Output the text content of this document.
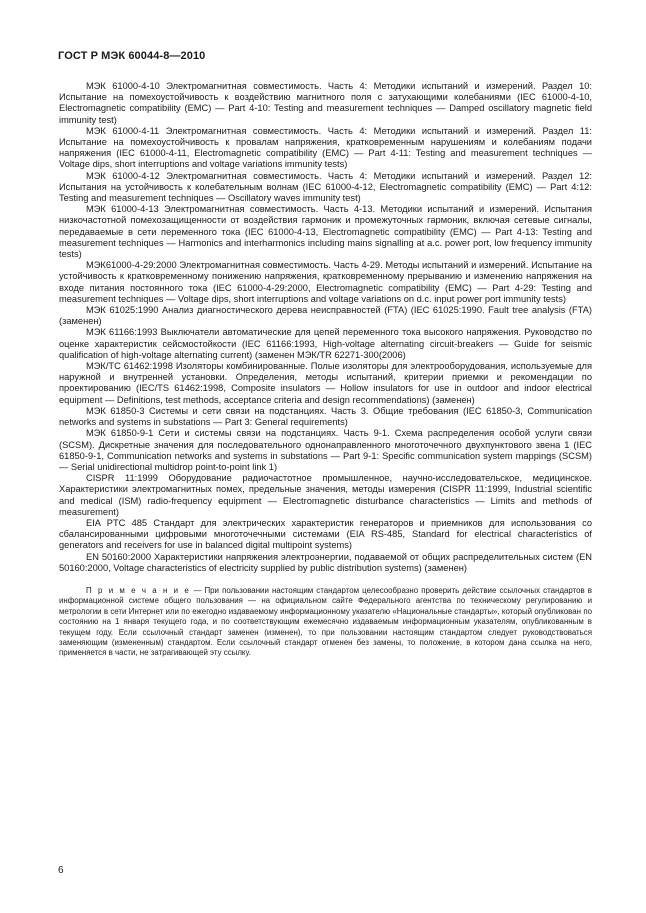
ГОСТ Р МЭК 60044-8—2010

МЭК 61000-4-10 Электромагнитная совместимость. Часть 4: Методики испытаний и измерений. Раздел 10: Испытание на помехоустойчивость к воздействию магнитного поля с затухающими колебаниями (IEC 61000-4-10, Electromagnetic compatibility (EMC) — Part 4-10: Testing and measurement techniques — Damped oscillatory magnetic field immunity test)

МЭК 61000-4-11 Электромагнитная совместимость. Часть 4: Методики испытаний и измерений. Раздел 11: Испытание на помехоустойчивость к провалам напряжения, кратковременным нарушениям и колебаниям подачи напряжения (IEC 61000-4-11, Electromagnetic compatibility (EMC) — Part 4-11: Testing and measurement techniques — Voltage dips, short interruptions and voltage variations immunity tests)

МЭК 61000-4-12 Электромагнитная совместимость. Часть 4: Методики испытаний и измерений. Раздел 12: Испытания на устойчивость к колебательным волнам (IEC 61000-4-12, Electromagnetic compatibility (EMC) — Part 4:12: Testing and measurement techniques — Oscillatory waves immunity test)

МЭК 61000-4-13 Электромагнитная совместимость. Часть 4-13. Методики испытаний и измерений. Испытания низкочастотной помехозащищенности от воздействия гармоник и промежуточных гармоник, включая сетевые сигналы, передаваемые в сети переменного тока (IEC 61000-4-13, Electromagnetic compatibility (EMC) — Part 4-13: Testing and measurement techniques — Harmonics and interharmonics including mains signalling at a.c. power port, low frequency immunity tests)

МЭК61000-4-29:2000 Электромагнитная совместимость. Часть 4-29. Методы испытаний и измерений. Испытание на устойчивость к кратковременному понижению напряжения, кратковременному прерыванию и изменению напряжения на входе питания постоянного тока (IEC 61000-4-29:2000, Electromagnetic compatibility (EMC) — Part 4-29: Testing and measurement techniques — Voltage dips, short interruptions and voltage variations on d.c. input power port immunity tests)

МЭК 61025:1990 Анализ диагностического дерева неисправностей (FTA) (IEC 61025:1990. Fault tree analysis (FTA) (заменен)

МЭК 61166:1993 Выключатели автоматические для цепей переменного тока высокого напряжения. Руководство по оценке характеристик сейсмостойкости (IEC 61166:1993, High-voltage alternating circuit-breakers — Guide for seismic qualification of high-voltage alternating current) (заменен МЭК/TR 62271-300(2006)

МЭК/ТС 61462:1998 Изоляторы комбинированные. Полые изоляторы для электрооборудования, используемые для наружной и внутренней установки. Определения, методы испытаний, критерии приемки и рекомендации по проектированию (IEC/TS 61462:1998, Composite insulators — Hollow insulators for use in outdoor and indoor electrical equipment — Definitions, test methods, acceptance criteria and design recommendations) (заменен)

МЭК 61850-3 Системы и сети связи на подстанциях. Часть 3. Общие требования (IEC 61850-3, Communication networks and systems in substations — Part 3: General requirements)

МЭК 61850-9-1 Сети и системы связи на подстанциях. Часть 9-1. Схема распределения особой услуги связи (SCSM). Дискретные значения для последовательного однонаправленного многоточечного двухпунктового звена 1 (IEC 61850-9-1, Communication networks and systems in substations — Part 9-1: Specific communication system mappings (SCSM) — Serial unidirectional multidrop point-to-point link 1)

CISPR 11:1999 Оборудование радиочастотное промышленное, научно-исследовательское, медицинское. Характеристики электромагнитных помех, предельные значения, методы измерения (CISPR 11:1999, Industrial scientific and medical (ISM) radio-frequency equipment — Electromagnetic disturbance characteristics — Limits and methods of measurement)

EIA PTC 485 Стандарт для электрических характеристик генераторов и приемников для использования со сбалансированными цифровыми многоточечными системами (EIA RS-485, Standard for electrical characteristics of generators and receivers for use in balanced digital multipoint systems)

EN 50160:2000 Характеристики напряжения электроэнергии, подаваемой от общих распределительных систем (EN 50160:2000, Voltage characteristics of electricity supplied by public distribution systems) (заменен)

П р и м е ч а н и е — При пользовании настоящим стандартом целесообразно проверить действие ссылочных стандартов в информационной системе общего пользования — на официальном сайте Федерального агентства по техническому регулированию и метрологии в сети Интернет или по ежегодно издаваемому информационному указателю «Национальные стандарты», который опубликован по состоянию на 1 января текущего года, и по соответствующим ежемесячно издаваемым информационным указателям, опубликованным в текущем году. Если ссылочный стандарт заменен (изменен), то при пользовании настоящим стандартом следует руководствоваться заменяющим (измененным) стандартом. Если ссылочный стандарт отменен без замены, то положение, в котором дана ссылка на него, применяется в части, не затрагивающей эту ссылку.

6
